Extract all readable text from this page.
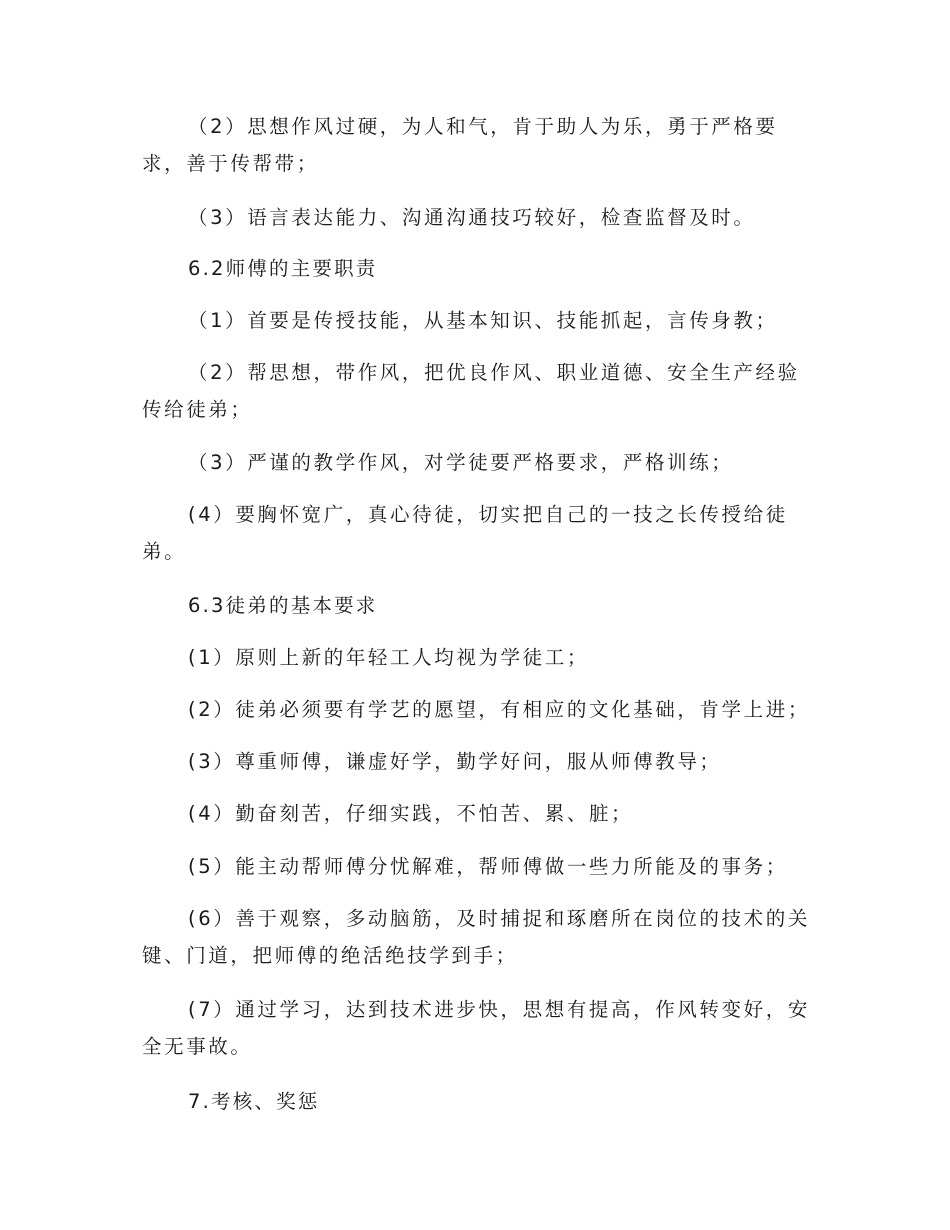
（2）思想作风过硬，为人和气，肯于助人为乐，勇于严格要求，善于传帮带；

（3）语言表达能力、沟通沟通技巧较好，检查监督及时。

6.2师傅的主要职责

（1）首要是传授技能，从基本知识、技能抓起，言传身教；

（2）帮思想，带作风，把优良作风、职业道德、安全生产经验传给徒弟；

（3）严谨的教学作风，对学徒要严格要求，严格训练；

(4）要胸怀宽广，真心待徒，切实把自己的一技之长传授给徒弟。

6.3徒弟的基本要求

(1）原则上新的年轻工人均视为学徒工；

(2）徒弟必须要有学艺的愿望，有相应的文化基础，肯学上进；

(3）尊重师傅，谦虚好学，勤学好问，服从师傅教导；

(4）勤奋刻苦，仔细实践，不怕苦、累、脏；

(5）能主动帮师傅分忧解难，帮师傅做一些力所能及的事务；

(6）善于观察，多动脑筋，及时捕捉和琢磨所在岗位的技术的关键、门道，把师傅的绝活绝技学到手；

(7）通过学习，达到技术进步快，思想有提高，作风转变好，安全无事故。

7.考核、奖惩
